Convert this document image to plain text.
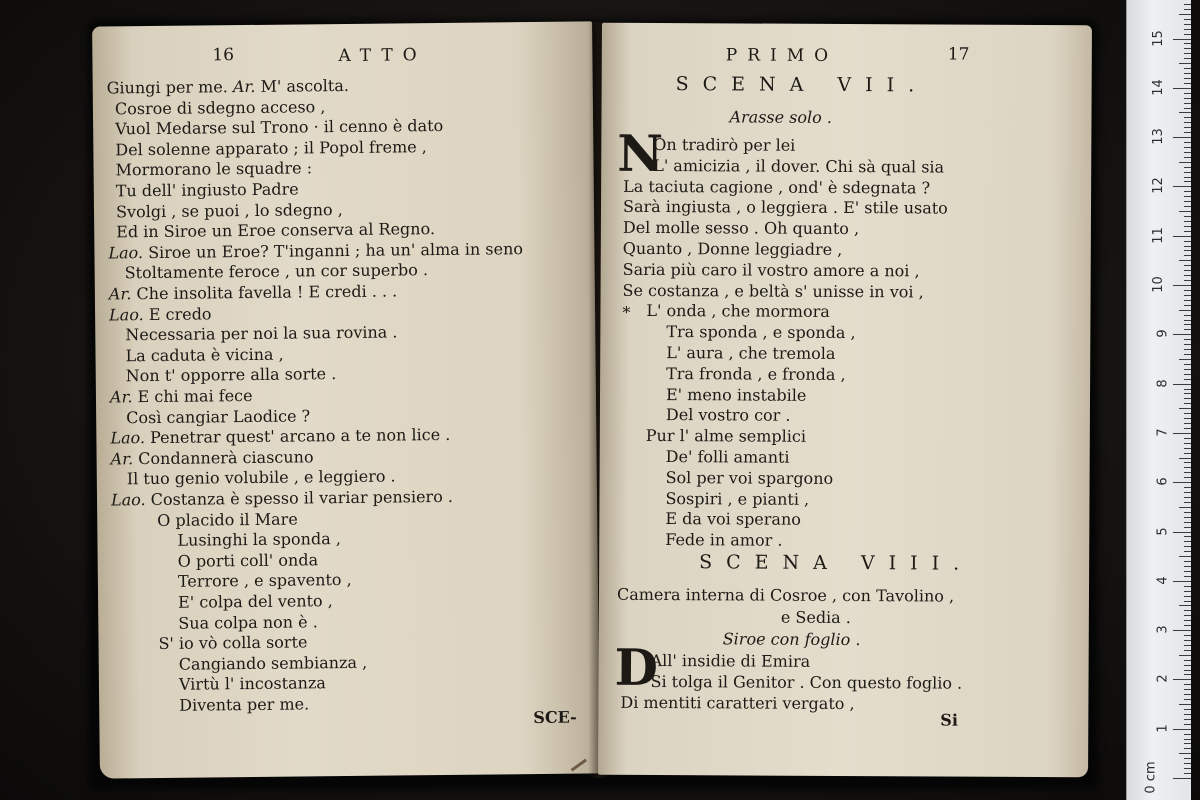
16	ATTO
Giungi per me. Ar. M' ascolta.
Cosroe di sdegno acceso ,
Vuol Medarse sul Trono · il cenno è dato
Del solenne apparato ; il Popol freme ,
Mormorano le squadre :
Tu dell' ingiusto Padre
Svolgi , se puoi , lo sdegno ,
Ed in Siroe un Eroe conserva al Regno.
Lao. Siroe un Eroe? T'inganni ; ha un' alma in seno
Stoltamente feroce , un cor superbo .
Ar. Che insolita favella ! E credi . . .
Lao. E credo
Necessaria per noi la sua rovina .
La caduta è vicina ,
Non t' opporre alla sorte .
Ar. E chi mai fece
Così cangiar Laodice ?
Lao. Penetrar quest' arcano a te non lice .
Ar. Condannerà ciascuno
Il tuo genio volubile , e leggiero .
Lao. Costanza è spesso il variar pensiero .
O placido il Mare
Lusinghi la sponda ,
O porti coll' onda
Terrore , e spavento ,
E' colpa del vento ,
Sua colpa non è .
S' io vò colla sorte
Cangiando sembianza ,
Virtù l' incostanza
Diventa per me.
SCE-
PRIMO	17
SCENA VII.
Arasse solo .
N
*
On tradirò per lei
L' amicizia , il dover. Chi sà qual sia
La taciuta cagione , ond' è sdegnata ?
Sarà ingiusta , o leggiera . E' stile usato
Del molle sesso . Oh quanto ,
Quanto , Donne leggiadre ,
Saria più caro il vostro amore a noi ,
Se costanza , e beltà s' unisse in voi ,
L' onda , che mormora
Tra sponda , e sponda ,
L' aura , che tremola
Tra fronda , e fronda ,
E' meno instabile
Del vostro cor .
Pur l' alme semplici
De' folli amanti
Sol per voi spargono
Sospiri , e pianti ,
E da voi sperano
Fede in amor .
SCENA VIII.
Camera interna di Cosroe , con Tavolino ,
e Sedia .
Siroe con foglio .
D
All' insidie di Emira
Si tolga il Genitor . Con questo foglio .
Di mentiti caratteri vergato ,
Si
0 cm
1
2
3
4
5
6
7
8
9
10
11
12
13
14
15
